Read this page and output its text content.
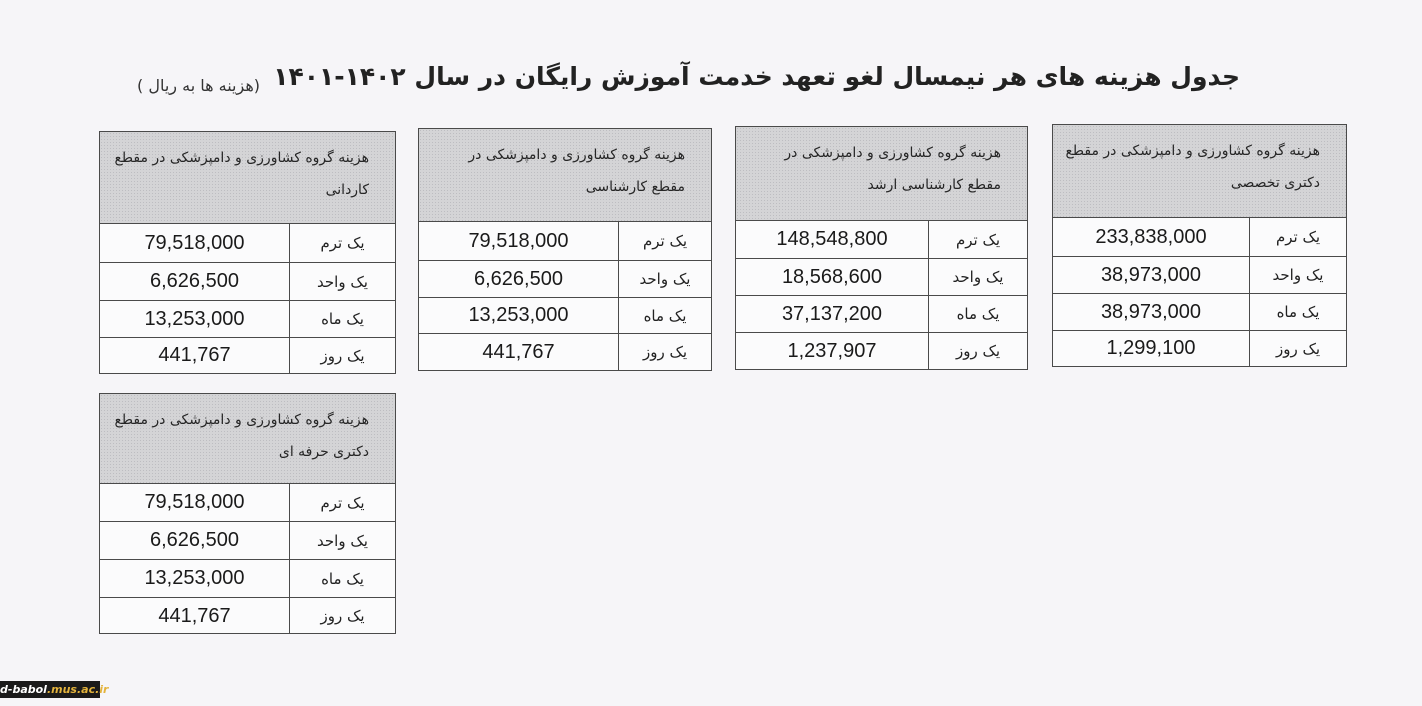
جدول هزینه های هر نیمسال لغو تعهد خدمت آموزش رایگان در سال ۱۴۰۲-۱۴۰۱
(هزینه ها به ریال )
هزینه گروه کشاورزی و دامپزشکی در مقطع دکتری تخصصی
233,838,000	یک ترم
38,973,000	یک واحد
38,973,000	یک ماه
1,299,100	یک روز
هزینه گروه کشاورزی و دامپزشکی در مقطع کارشناسی ارشد
148,548,800	یک ترم
18,568,600	یک واحد
37,137,200	یک ماه
1,237,907	یک روز
هزینه گروه کشاورزی و دامپزشکی در مقطع کارشناسی
79,518,000	یک ترم
6,626,500	یک واحد
13,253,000	یک ماه
441,767	یک روز
هزینه گروه کشاورزی و دامپزشکی در مقطع کاردانی
79,518,000	یک ترم
6,626,500	یک واحد
13,253,000	یک ماه
441,767	یک روز
هزینه گروه کشاورزی و دامپزشکی در مقطع دکتری حرفه ای
79,518,000	یک ترم
6,626,500	یک واحد
13,253,000	یک ماه
441,767	یک روز
d-babol.mus.ac.ir
